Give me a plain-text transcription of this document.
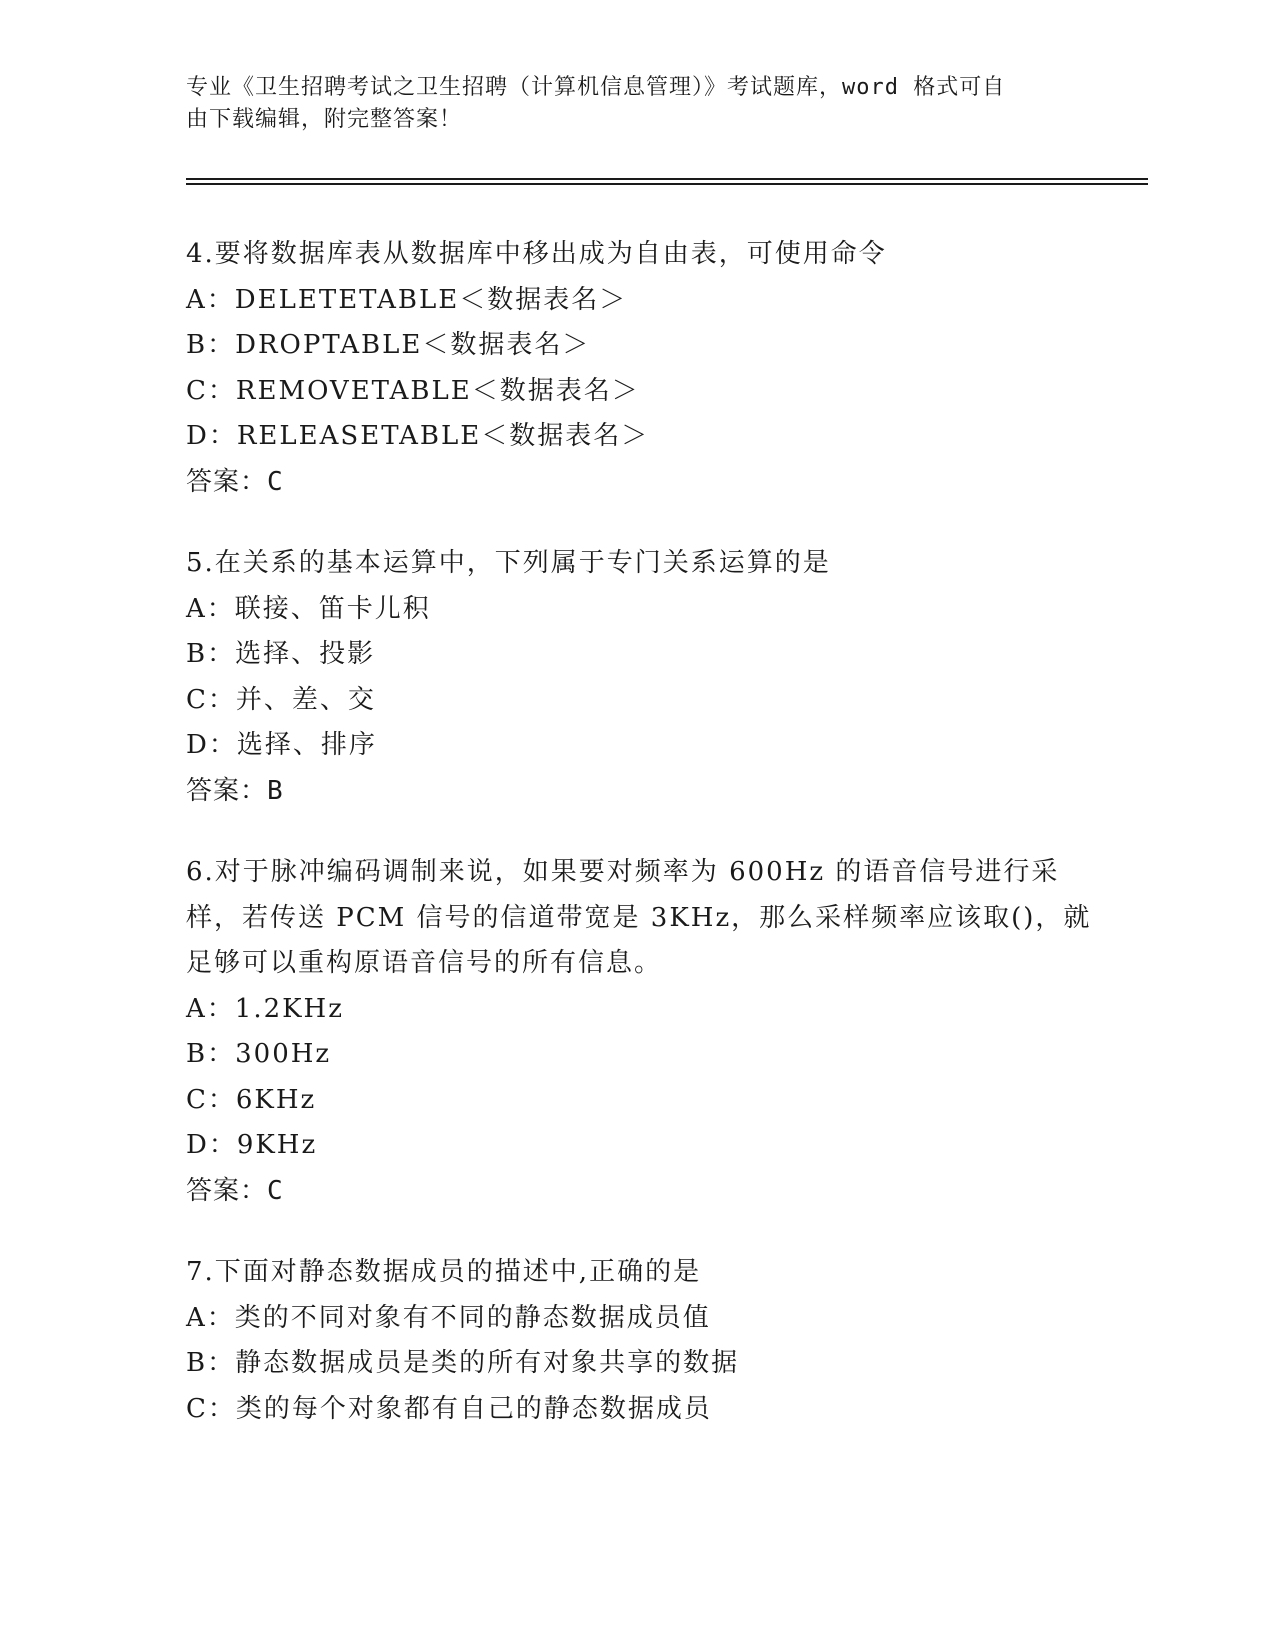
专业《卫生招聘考试之卫生招聘（计算机信息管理）》考试题库，word 格式可自
由下载编辑，附完整答案！
4.要将数据库表从数据库中移出成为自由表，可使用命令
A：DELETETABLE＜数据表名＞
B：DROPTABLE＜数据表名＞
C：REMOVETABLE＜数据表名＞
D：RELEASETABLE＜数据表名＞
答案：C
5.在关系的基本运算中，下列属于专门关系运算的是
A：联接、笛卡儿积
B：选择、投影
C：并、差、交
D：选择、排序
答案：B
6.对于脉冲编码调制来说，如果要对频率为 600Hz 的语音信号进行采
样，若传送 PCM 信号的信道带宽是 3KHz，那么采样频率应该取()，就
足够可以重构原语音信号的所有信息。
A：1.2KHz
B：300Hz
C：6KHz
D：9KHz
答案：C
7.下面对静态数据成员的描述中,正确的是
A：类的不同对象有不同的静态数据成员值
B：静态数据成员是类的所有对象共享的数据
C：类的每个对象都有自己的静态数据成员
